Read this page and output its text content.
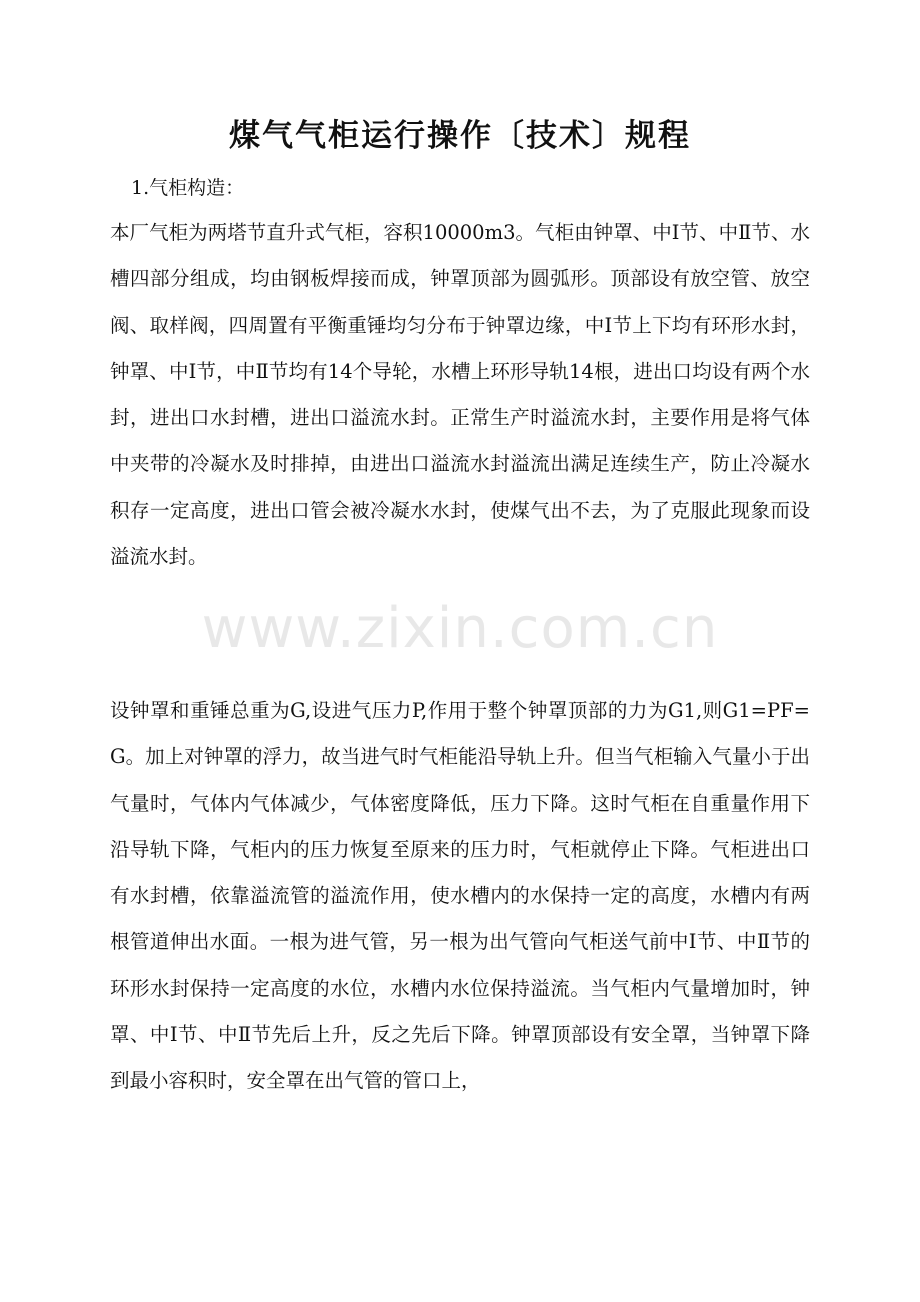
煤气气柜运行操作〔技术〕规程

1.气柜构造：

本厂气柜为两塔节直升式气柜，容积10000m3。气柜由钟罩、中Ⅰ节、中Ⅱ节、水槽四部分组成，均由钢板焊接而成，钟罩顶部为圆弧形。顶部设有放空管、放空阀、取样阀，四周置有平衡重锤均匀分布于钟罩边缘，中Ⅰ节上下均有环形水封，钟罩、中Ⅰ节，中Ⅱ节均有14个导轮，水槽上环形导轨14根，进出口均设有两个水封，进出口水封槽，进出口溢流水封。正常生产时溢流水封，主要作用是将气体中夹带的冷凝水及时排掉，由进出口溢流水封溢流出满足连续生产，防止冷凝水积存一定高度，进出口管会被冷凝水水封，使煤气出不去，为了克服此现象而设溢流水封。

设钟罩和重锤总重为G,设进气压力P,作用于整个钟罩顶部的力为G1,则G1=PF=G。加上对钟罩的浮力，故当进气时气柜能沿导轨上升。但当气柜输入气量小于出气量时，气体内气体减少，气体密度降低，压力下降。这时气柜在自重量作用下沿导轨下降，气柜内的压力恢复至原来的压力时，气柜就停止下降。气柜进出口有水封槽，依靠溢流管的溢流作用，使水槽内的水保持一定的高度，水槽内有两根管道伸出水面。一根为进气管，另一根为出气管向气柜送气前中Ⅰ节、中Ⅱ节的环形水封保持一定高度的水位，水槽内水位保持溢流。当气柜内气量增加时，钟罩、中Ⅰ节、中Ⅱ节先后上升，反之先后下降。钟罩顶部设有安全罩，当钟罩下降到最小容积时，安全罩在出气管的管口上，

www.zixin.com.cn
